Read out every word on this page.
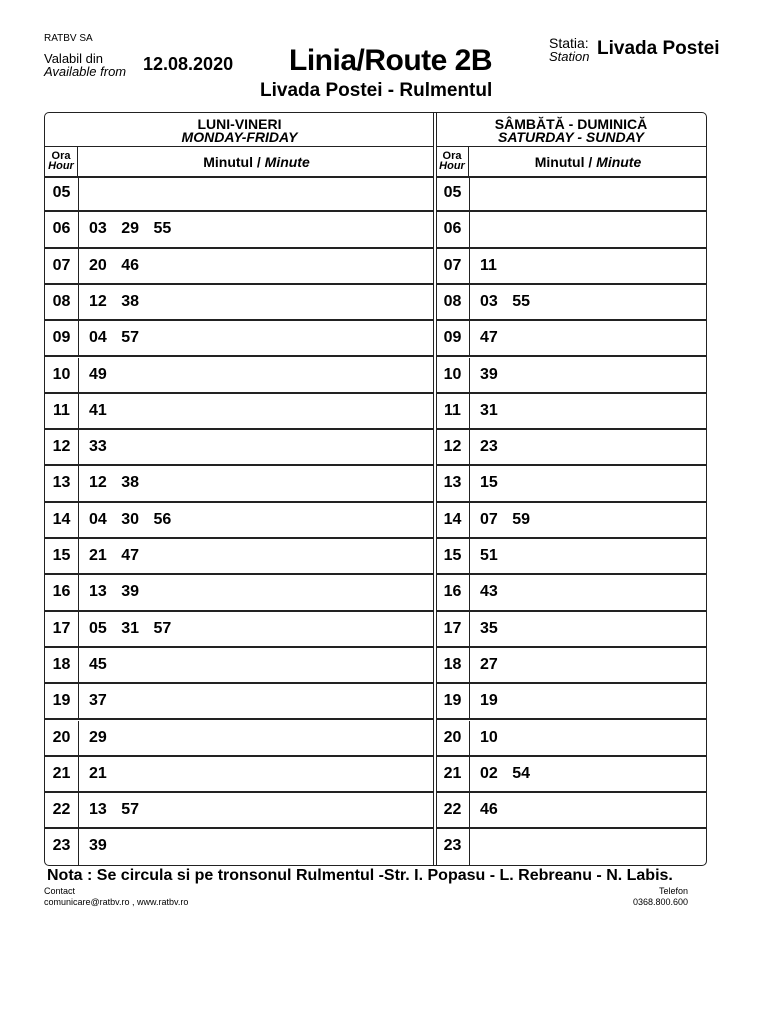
RATBV SA
Valabil din
Available from 12.08.2020 Linia/Route 2B
Livada Postei - Rulmentul
Statia:
Station Livada Postei
LUNI-VINERI
MONDAY-FRIDAY
Ora
Hour	Minutul / Minute
05
06	03 29 55
07	20 46
08	12 38
09	04 57
10	49
11	41
12	33
13	12 38
14	04 30 56
15	21 47
16	13 39
17	05 31 57
18	45
19	37
20	29
21	21
22	13 57
23	39
SÂMBĂTĂ - DUMINICĂ
SATURDAY - SUNDAY
Ora
Hour	Minutul / Minute
05
06
07	11
08	03 55
09	47
10	39
11	31
12	23
13	15
14	07 59
15	51
16	43
17	35
18	27
19	19
20	10
21	02 54
22	46
23
Nota : Se circula si pe tronsonul Rulmentul -Str. I. Popasu - L. Rebreanu - N. Labis.
Contact
comunicare@ratbv.ro , www.ratbv.ro
Telefon
0368.800.600
